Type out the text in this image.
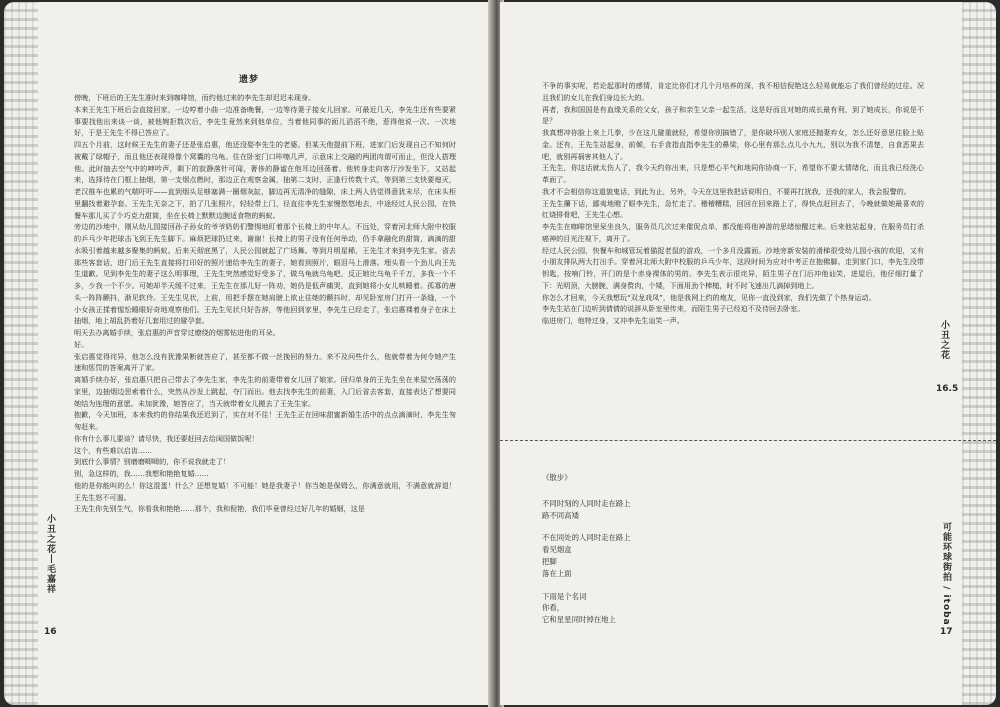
遗梦

傍晚，下班后的王先生准时来到咖啡馆，而约他过来的李先生却迟迟未现身。

本来王先生下班后会直接回家，一边哼着小曲一边准备晚餐，一边等待妻子接女儿回家。可最近几天，李先生还有些要紧事要找他出来谈一谈，被他婉拒数次后，李先生竟然来到他单位，当着他同事的面儿滔滔不绝，惹得他说一次、一次地好，于是王先生不得已答应了。

四五个月前，这时候王先生的妻子还是张启惠，他还没娶李先生的老婆。但某天他提前下班，进家门后发现自己不知何时被戴了绿帽子，而且他还表现得像个窝囊的乌龟。住在卧室门口咔嚓几声，示意床上交融的两团肉谓可而止，但没人搭理他。此时抽去空气中的呻吟声，剩下的寂静落针可闻，奢侈的静谧在他耳边回荡着。他转身走向客厅沙发坐下，又站起来，选择待在门框上抽烟，第一支烟点燃时，那边正在观察金属，抽第二支时，正逢行传数十式，等到第三支快要熄灭，老汉推车也累的气喘吁吁——直到烟头足够塞满一圈烟灰缸，脚边再无清净的缝隙，床上两人仍觉得意犹未尽，在床头柜里翻找着避孕套。王先生无奈之下，拍了几张照片，轻轻带上门，径直往李先生家慢悠悠地去，中途经过人民公园，在快餐车那儿买了个巧克力甜筒，坐在长椅上默默边腕适食物的蚂蚁。

旁边的沙地中，刚从幼儿园接回孙子孙女的爷爷奶奶们警惕地盯着那个长椅上的中年人。不远处，穿着河北师大附中校服的乒乓少年把球击飞到王先生脚下。麻烦把球扔过来，谢谢！长椅上的男子没有任何举动，仍手拿融化的甜筒，滴滴的甜水吸引着越来越多聚集的蚂蚁。后来天彻底黑了，人民公园就起了广场舞。等到月明星稀，王先生才来到李先生家。省去那些客套话，进门后王先生直接将打印好的照片递给李先生的妻子，她看到照片，眼泪马上滑落。埋头看一个劲儿向王先生道歉。见到李先生的妻子这么明事理，王先生突然感觉好受多了，做乌龟就乌龟吧，反正她比乌龟千千万，多我一个不多，少我一个不少。可她却半天缓不过来，王先生在那儿好一阵劝，她仍是低声痛哭，直到她将小女儿哄睡着。孤寡的唐头一阵阵颤抖，渐见软伶。王先生见状，上前，用把手摆在她肩膀上欲止住她的颤抖时，却见卧室房门打开一条缝，一个小女孩正揉着惺忪睡眼好奇地观察他们。王先生见状只好告辞，等他回到家里，李先生已经走了，张启惠裸着身子在床上抽烟，地上胡乱扔着好几套用过的避孕套。

明天去办离婚手续，张启惠的声音穿过缭绕的烟雾钻进他的耳朵。

好。

张启惠觉得诧异，他怎么没有犹豫果断就答应了，甚至都不做一丝挽回的努力。来不及问些什么，他就带着为何令她产生速和惩罚的答案离开了家。

离婚手续办好，张启惠只把自己带去了李先生家，李先生的前妻带着女儿回了娘家。回归单身的王先生坐在来屋空荡荡的家里，边抽烟边思索着什么，突然从沙发上跳起，夺门而出。他去找李先生的前妻，入门后省去客套，直接表达了想要同她结为连理的意愿。未加犹豫，她答应了，当天就带着女儿搬去了王先生家。

抱歉，今天加班，本来我约的你结果我还迟到了，实在对不住！王先生正在回味甜蜜新婚生活中的点点滴滴时，李先生匆匆赶来。

你有什么事儿要谈？请尽快，我还要赶回去给闺国做饭呢！

这个，有些难以启齿……

到底什么事情？别磨磨唧唧的，你不说我就走了！

别，急这样的，我……我想和艳艳复婚……

他的是你能叫的么！你这混蛋！什么？还想复婚！不可能！她是我妻子！你当她是保姆么，你满意就用，不满意就辞退！王先生怒不可遏。

王先生你先别生气，你看我和艳艳……那个，我和倪艳，我们毕竟曾经过好几年的婚姻，这是

小丑之花丨毛嘉祥
16

不争的事实呢，若论起那时的感情，肯定比你们才几个月培养的深，我不相信倪艳这么轻易就能忘了我们曾经的过往。况且我们的女儿在我们身边长大的。

再者，我和国国是有血缘关系的父女，孩子和亲生父亲一起生活，这是好而且对她的成长最有利，到了她成长，你说是不是？

我真想冲你脸上来上几拳，少在这儿避重就轻，希望你别搞错了，是你破坏别人家庭还抛妻弃女，怎么还好意思往脸上贴金。还有，王先生站起身，前倾，右手食指直指李先生的鼻梁，你心里有那么点儿小九九，别以为我不清楚，自食恶果去吧，就别再祸害其他人了。

王先生，你这话就太伤人了，我今天约你出来，只是想心平气和地同你协商一下，希望你不要太情绪化，而且我已经洗心革面了。

我才不会相信你这道貌鬼话，到此为止，另外，今天在这里我把话说明白，不要再打扰我，还我的家人，我会报警的。

王先生攥下话，鄙夷地瞪了眼李先生，急忙走了。稽稽糟糕，回回在回来路上了，得快点赶回去了，今晚就做她最喜欢的红烧排骨吧，王先生心想。

李先生在咖啡馆里呆坐良久，服务员几次过来催促点单，都没能将他神游的思绪惊醒过来。后来他站起身，在服务员打杀癌神的目光注视下，离开了。

经过人民公园，快餐车和城管玩着猫捉老鼠的游戏，一个多月没露面。沙地旁新安装的滑梯很受幼儿园小孩的欢迎，又有小朋友排队两大打出手。穿着河北师大附中校服的乒乓少年，这段时间为应对中考正在抱佛脚。走到家门口，李先生没带钥匙，按响门铃，开门的是个赤身裸体的男的。李先生表示很诧异，陌生男子在门后冲他讪笑，进屋后，他仔细打量了下：光明顶，大膀腕，满身赘肉，个矮，下面用劲个棒槌，时不时飞速出几滴掉到地上。

你怎么才回来，今天我想玩“双龙戏凤”，他是我网上约的炮友，见你一直没到家，我们先做了个热身运动。

李先生站在门边听到倩倩的说辞从卧室里传来，而陌生男子已经迫不及待回去卧室。

临进房门，他特过身，又冲李先生讪笑一声。

《散步》
不同时刻的人同时走在路上
路不同高矮
不在同处的人同时走在路上
看见烟盒
把脚
落在上面
下雨是个名词
你看，
它和星星同时掉在地上
小丑之花
16.5
可能环球街拍 / itoba
17
